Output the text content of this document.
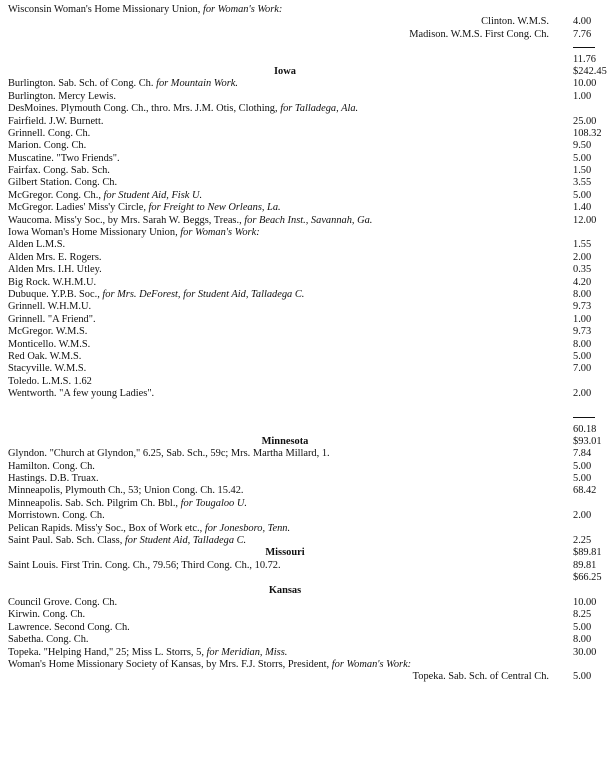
Wisconsin Woman's Home Missionary Union, for Woman's Work:
Clinton. W.M.S. 4.00
Madison. W.M.S. First Cong. Ch. 7.76
11.76
Iowa	$242.45
Burlington. Sab. Sch. of Cong. Ch. for Mountain Work.	10.00
Burlington. Mercy Lewis.	1.00
DesMoines. Plymouth Cong. Ch., thro. Mrs. J.M. Otis, Clothing, for Talladega, Ala.
Fairfield. J.W. Burnett.	25.00
Grinnell. Cong. Ch.	108.32
Marion. Cong. Ch.	9.50
Muscatine. "Two Friends".	5.00
Fairfax. Cong. Sab. Sch.	1.50
Gilbert Station. Cong. Ch.	3.55
McGregor. Cong. Ch., for Student Aid, Fisk U.	5.00
McGregor. Ladies' Miss'y Circle, for Freight to New Orleans, La.	1.40
Waucoma. Miss'y Soc., by Mrs. Sarah W. Beggs, Treas., for Beach Inst., Savannah, Ga.	12.00
Iowa Woman's Home Missionary Union, for Woman's Work:
Alden L.M.S.	1.55
Alden Mrs. E. Rogers.	2.00
Alden Mrs. I.H. Utley.	0.35
Big Rock. W.H.M.U.	4.20
Dubuque. Y.P.B. Soc., for Mrs. DeForest, for Student Aid, Talladega C.	8.00
Grinnell. W.H.M.U.	9.73
Grinnell. "A Friend".	1.00
McGregor. W.M.S.	9.73
Monticello. W.M.S.	8.00
Red Oak. W.M.S.	5.00
Stacyville. W.M.S.	7.00
Toledo. L.M.S. 1.62
Wentworth. "A few young Ladies".	2.00
60.18
Minnesota	$93.01
Glyndon. "Church at Glyndon," 6.25, Sab. Sch., 59c; Mrs. Martha Millard, 1.	7.84
Hamilton. Cong. Ch.	5.00
Hastings. D.B. Truax.	5.00
Minneapolis, Plymouth Ch., 53; Union Cong. Ch. 15.42.	68.42
Minneapolis. Sab. Sch. Pilgrim Ch. Bbl., for Tougaloo U.
Morristown. Cong. Ch.	2.00
Pelican Rapids. Miss'y Soc., Box of Work etc., for Jonesboro, Tenn.
Saint Paul. Sab. Sch. Class, for Student Aid, Talladega C.	2.25
Missouri	$89.81
Saint Louis. First Trin. Cong. Ch., 79.56; Third Cong. Ch., 10.72.	89.81
$66.25
Kansas
Council Grove. Cong. Ch.	10.00
Kirwin. Cong. Ch.	8.25
Lawrence. Second Cong. Ch.	5.00
Sabetha. Cong. Ch.	8.00
Topeka. "Helping Hand," 25; Miss L. Storrs, 5, for Meridian, Miss.	30.00
Woman's Home Missionary Society of Kansas, by Mrs. F.J. Storrs, President, for Woman's Work:
Topeka. Sab. Sch. of Central Ch. 5.00
